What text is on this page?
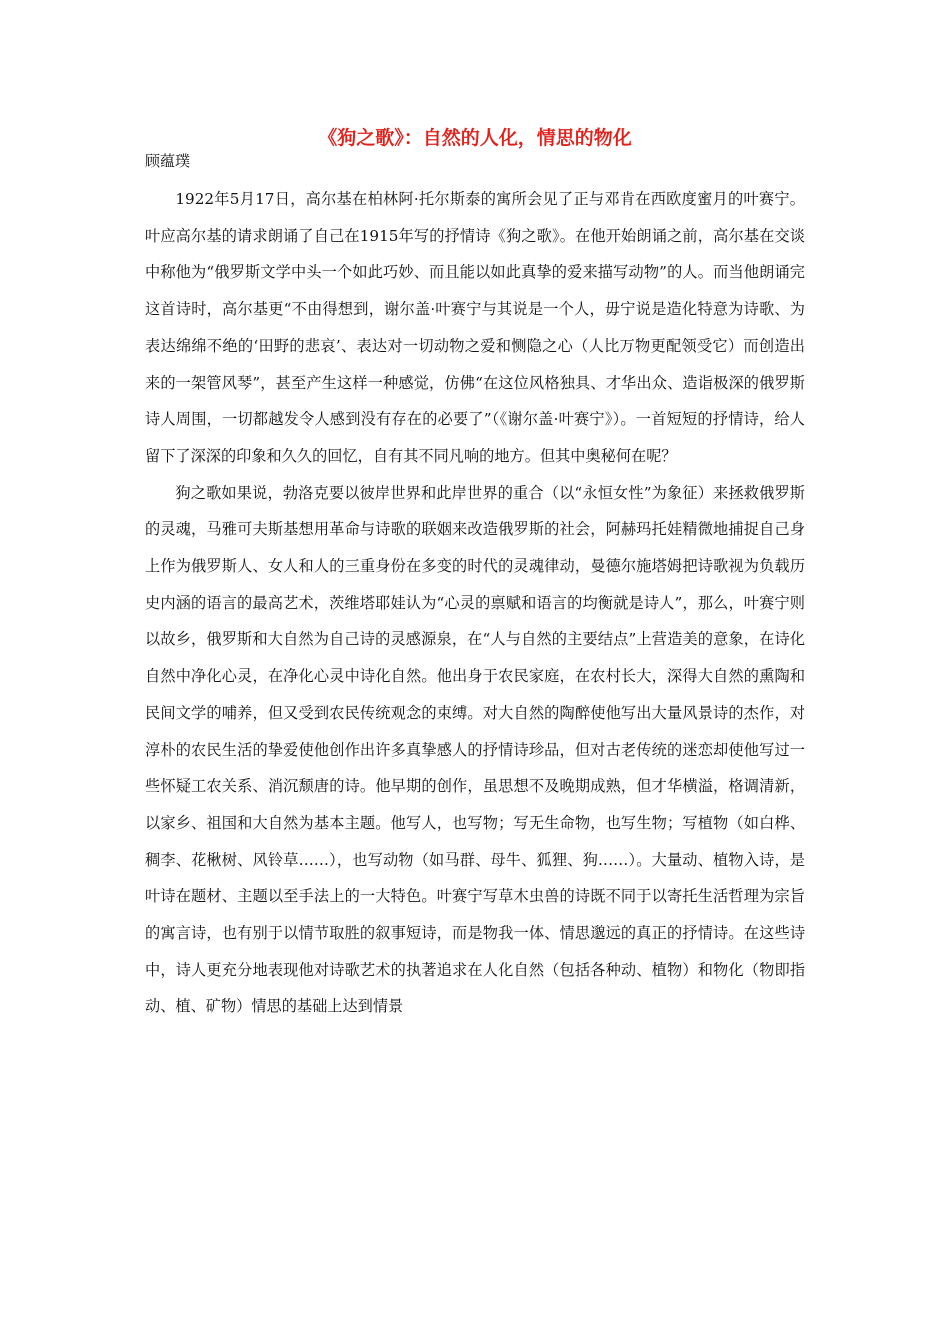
《狗之歌》：自然的人化，情思的物化

顾蕴璞

1922年5月17日，高尔基在柏林阿·托尔斯泰的寓所会见了正与邓肯在西欧度蜜月的叶赛宁。叶应高尔基的请求朗诵了自己在1915年写的抒情诗《狗之歌》。在他开始朗诵之前，高尔基在交谈中称他为“俄罗斯文学中头一个如此巧妙、而且能以如此真挚的爱来描写动物”的人。而当他朗诵完这首诗时，高尔基更“不由得想到，谢尔盖·叶赛宁与其说是一个人，毋宁说是造化特意为诗歌、为表达绵绵不绝的‘田野的悲哀’、表达对一切动物之爱和恻隐之心（人比万物更配领受它）而创造出来的一架管风琴”，甚至产生这样一种感觉，仿佛“在这位风格独具、才华出众、造诣极深的俄罗斯诗人周围，一切都越发令人感到没有存在的必要了”（《谢尔盖·叶赛宁》）。一首短短的抒情诗，给人留下了深深的印象和久久的回忆，自有其不同凡响的地方。但其中奥秘何在呢？

狗之歌如果说，勃洛克要以彼岸世界和此岸世界的重合（以“永恒女性”为象征）来拯救俄罗斯的灵魂，马雅可夫斯基想用革命与诗歌的联姻来改造俄罗斯的社会，阿赫玛托娃精微地捕捉自己身上作为俄罗斯人、女人和人的三重身份在多变的时代的灵魂律动，曼德尔施塔姆把诗歌视为负载历史内涵的语言的最高艺术，茨维塔耶娃认为“心灵的禀赋和语言的均衡就是诗人”，那么，叶赛宁则以故乡，俄罗斯和大自然为自己诗的灵感源泉，在“人与自然的主要结点”上营造美的意象，在诗化自然中净化心灵，在净化心灵中诗化自然。他出身于农民家庭，在农村长大，深得大自然的熏陶和民间文学的哺养，但又受到农民传统观念的束缚。对大自然的陶醉使他写出大量风景诗的杰作，对淳朴的农民生活的挚爱使他创作出许多真挚感人的抒情诗珍品，但对古老传统的迷恋却使他写过一些怀疑工农关系、消沉颓唐的诗。他早期的创作，虽思想不及晚期成熟，但才华横溢，格调清新，以家乡、祖国和大自然为基本主题。他写人，也写物；写无生命物，也写生物；写植物（如白桦、稠李、花楸树、风铃草……），也写动物（如马群、母牛、狐狸、狗……）。大量动、植物入诗，是叶诗在题材、主题以至手法上的一大特色。叶赛宁写草木虫兽的诗既不同于以寄托生活哲理为宗旨的寓言诗，也有别于以情节取胜的叙事短诗，而是物我一体、情思邈远的真正的抒情诗。在这些诗中，诗人更充分地表现他对诗歌艺术的执著追求在人化自然（包括各种动、植物）和物化（物即指动、植、矿物）情思的基础上达到情景
